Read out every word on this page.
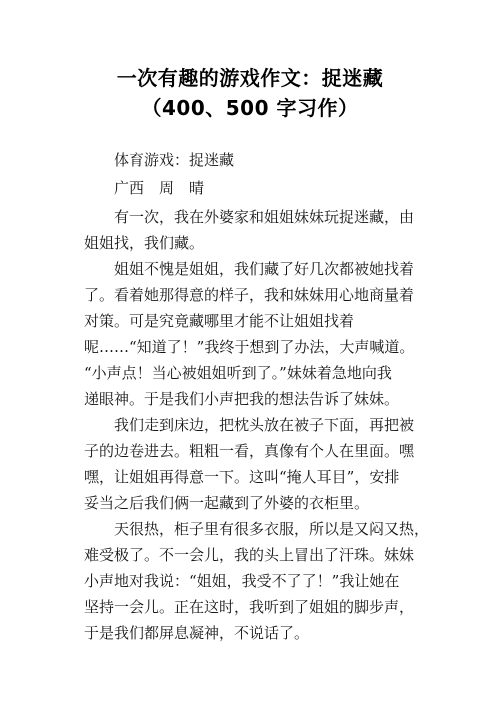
一次有趣的游戏作文：捉迷藏
（400、500 字习作）
体育游戏：捉迷藏
广西　周　晴
有一次，我在外婆家和姐姐妹妹玩捉迷藏，由
姐姐找，我们藏。
姐姐不愧是姐姐，我们藏了好几次都被她找着
了。看着她那得意的样子，我和妹妹用心地商量着
对策。可是究竟藏哪里才能不让姐姐找着
呢……“知道了！”我终于想到了办法，大声喊道。
“小声点！当心被姐姐听到了。”妹妹着急地向我
递眼神。于是我们小声把我的想法告诉了妹妹。
我们走到床边，把枕头放在被子下面，再把被
子的边卷进去。粗粗一看，真像有个人在里面。嘿
嘿，让姐姐再得意一下。这叫“掩人耳目”，安排
妥当之后我们俩一起藏到了外婆的衣柜里。
天很热，柜子里有很多衣服，所以是又闷又热，
难受极了。不一会儿，我的头上冒出了汗珠。妹妹
小声地对我说：“姐姐，我受不了了！”我让她在
坚持一会儿。正在这时，我听到了姐姐的脚步声，
于是我们都屏息凝神，不说话了。
